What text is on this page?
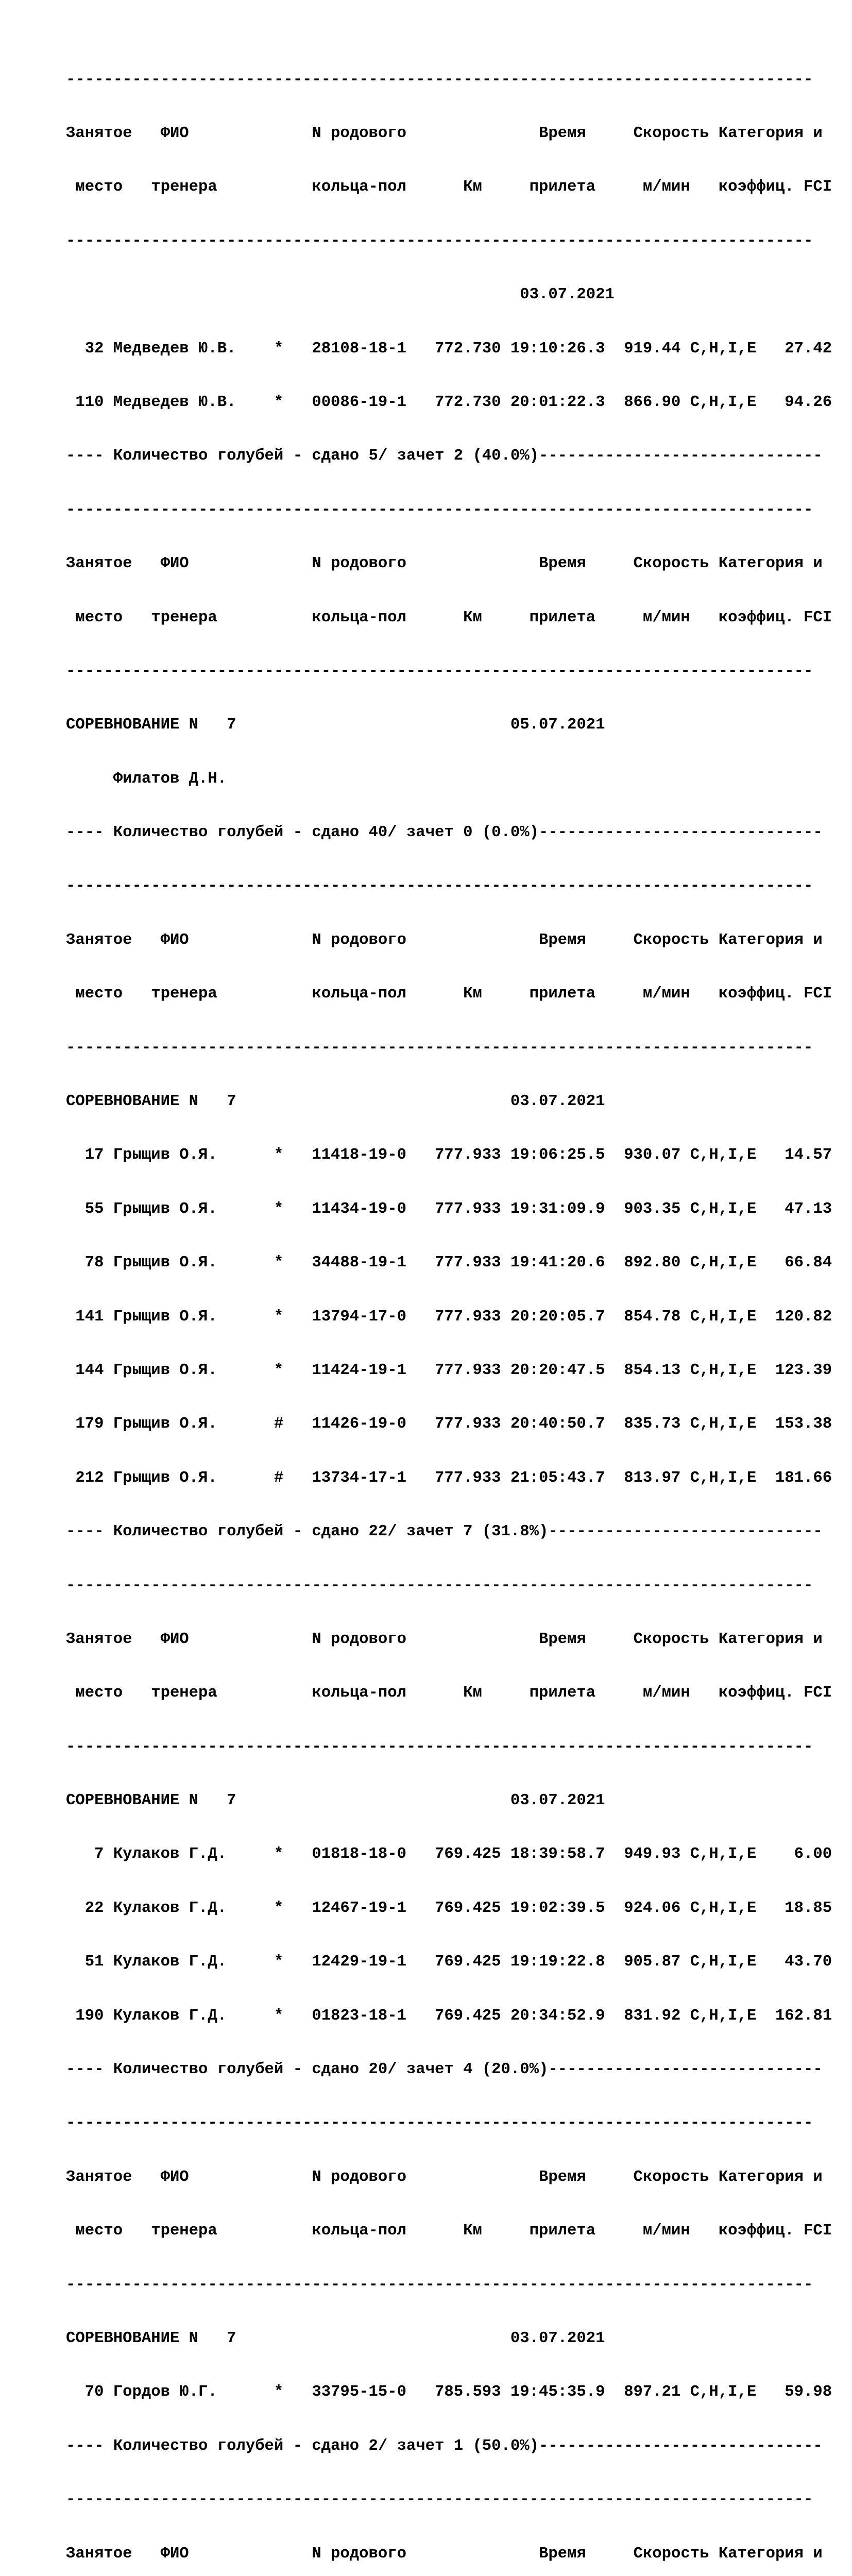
-------------------------------------------------------------------------------

Занятое   ФИО             N родового              Время     Скорость Категория и

место   тренера          кольца-пол      Км     прилета     м/мин   коэффиц. FCI

-------------------------------------------------------------------------------

03.07.2021

32 Медведев Ю.В.    *   28108-18-1   772.730 19:10:26.3  919.44 C,H,I,E   27.42

110 Медведев Ю.В.    *   00086-19-1   772.730 20:01:22.3  866.90 C,H,I,E   94.26

---- Количество голубей - сдано 5/ зачет 2 (40.0%)------------------------------

-------------------------------------------------------------------------------

Занятое   ФИО             N родового              Время     Скорость Категория и

место   тренера          кольца-пол      Км     прилета     м/мин   коэффиц. FCI

-------------------------------------------------------------------------------

СОРЕВНОВАНИЕ N   7                             05.07.2021

Филатов Д.Н.

---- Количество голубей - сдано 40/ зачет 0 (0.0%)------------------------------

-------------------------------------------------------------------------------

Занятое   ФИО             N родового              Время     Скорость Категория и

место   тренера          кольца-пол      Км     прилета     м/мин   коэффиц. FCI

-------------------------------------------------------------------------------

СОРЕВНОВАНИЕ N   7                             03.07.2021

17 Грыщив О.Я.      *   11418-19-0   777.933 19:06:25.5  930.07 C,H,I,E   14.57

55 Грыщив О.Я.      *   11434-19-0   777.933 19:31:09.9  903.35 C,H,I,E   47.13

78 Грыщив О.Я.      *   34488-19-1   777.933 19:41:20.6  892.80 C,H,I,E   66.84

141 Грыщив О.Я.      *   13794-17-0   777.933 20:20:05.7  854.78 C,H,I,E  120.82

144 Грыщив О.Я.      *   11424-19-1   777.933 20:20:47.5  854.13 C,H,I,E  123.39

179 Грыщив О.Я.      #   11426-19-0   777.933 20:40:50.7  835.73 C,H,I,E  153.38

212 Грыщив О.Я.      #   13734-17-1   777.933 21:05:43.7  813.97 C,H,I,E  181.66

---- Количество голубей - сдано 22/ зачет 7 (31.8%)-----------------------------

-------------------------------------------------------------------------------

Занятое   ФИО             N родового              Время     Скорость Категория и

место   тренера          кольца-пол      Км     прилета     м/мин   коэффиц. FCI

-------------------------------------------------------------------------------

СОРЕВНОВАНИЕ N   7                             03.07.2021

7 Кулаков Г.Д.     *   01818-18-0   769.425 18:39:58.7  949.93 C,H,I,E    6.00

22 Кулаков Г.Д.     *   12467-19-1   769.425 19:02:39.5  924.06 C,H,I,E   18.85

51 Кулаков Г.Д.     *   12429-19-1   769.425 19:19:22.8  905.87 C,H,I,E   43.70

190 Кулаков Г.Д.     *   01823-18-1   769.425 20:34:52.9  831.92 C,H,I,E  162.81

---- Количество голубей - сдано 20/ зачет 4 (20.0%)-----------------------------

-------------------------------------------------------------------------------

Занятое   ФИО             N родового              Время     Скорость Категория и

место   тренера          кольца-пол      Км     прилета     м/мин   коэффиц. FCI

-------------------------------------------------------------------------------

СОРЕВНОВАНИЕ N   7                             03.07.2021

70 Гордов Ю.Г.      *   33795-15-0   785.593 19:45:35.9  897.21 C,H,I,E   59.98

---- Количество голубей - сдано 2/ зачет 1 (50.0%)------------------------------

-------------------------------------------------------------------------------

Занятое   ФИО             N родового              Время     Скорость Категория и
